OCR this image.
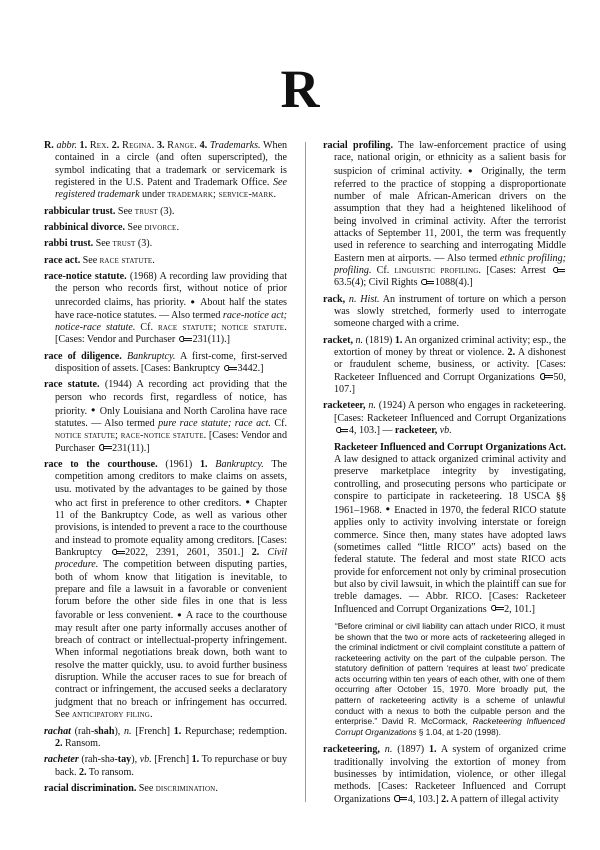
R

R. abbr. 1. Rex. 2. Regina. 3. Range. 4. Trademarks. When contained in a circle (and often superscripted), the symbol indicating that a trademark or servicemark is registered in the U.S. Patent and Trademark Office. See registered trademark under trademark; service-mark.

rabbicular trust. See trust (3).

rabbinical divorce. See divorce.

rabbi trust. See trust (3).

race act. See race statute.

race-notice statute. (1968) A recording law providing that the person who records first, without notice of prior unrecorded claims, has priority. ● About half the states have race-notice statutes. — Also termed race-notice act; notice-race statute. Cf. race statute; notice statute. [Cases: Vendor and Purchaser 231(11).]

race of diligence. Bankruptcy. A first-come, first-served disposition of assets. [Cases: Bankruptcy 3442.]

race statute. (1944) A recording act providing that the person who records first, regardless of notice, has priority. ● Only Louisiana and North Carolina have race statutes. — Also termed pure race statute; race act. Cf. notice statute; race-notice statute. [Cases: Vendor and Purchaser 231(11).]

race to the courthouse. (1961) 1. Bankruptcy. The competition among creditors to make claims on assets, usu. motivated by the advantages to be gained by those who act first in preference to other creditors. ● Chapter 11 of the Bankruptcy Code, as well as various other provisions, is intended to prevent a race to the courthouse and instead to promote equality among creditors. [Cases: Bankruptcy 2022, 2391, 2601, 3501.] 2. Civil procedure. The competition between disputing parties, both of whom know that litigation is inevitable, to prepare and file a lawsuit in a favorable or convenient forum before the other side files in one that is less favorable or less convenient. ● A race to the courthouse may result after one party informally accuses another of breach of contract or intellectual-property infringement. When informal negotiations break down, both want to resolve the matter quickly, usu. to avoid further business disruption. While the accuser races to sue for breach of contract or infringement, the accused seeks a declaratory judgment that no breach or infringement has occurred. See anticipatory filing.

rachat (rah-shah), n. [French] 1. Repurchase; redemption. 2. Ransom.

racheter (rah-shə-tay), vb. [French] 1. To repurchase or buy back. 2. To ransom.

racial discrimination. See discrimination.

racial profiling. The law-enforcement practice of using race, national origin, or ethnicity as a salient basis for suspicion of criminal activity. ● Originally, the term referred to the practice of stopping a disproportionate number of male African-American drivers on the assumption that they had a heightened likelihood of being involved in criminal activity. After the terrorist attacks of September 11, 2001, the term was frequently used in reference to searching and interrogating Middle Eastern men at airports. — Also termed ethnic profiling; profiling. Cf. linguistic profiling. [Cases: Arrest 63.5(4); Civil Rights 1088(4).]

rack, n. Hist. An instrument of torture on which a person was slowly stretched, formerly used to interrogate someone charged with a crime.

racket, n. (1819) 1. An organized criminal activity; esp., the extortion of money by threat or violence. 2. A dishonest or fraudulent scheme, business, or activity. [Cases: Racketeer Influenced and Corrupt Organizations 50, 107.]

racketeer, n. (1924) A person who engages in racketeering. [Cases: Racketeer Influenced and Corrupt Organizations 4, 103.] — racketeer, vb.

Racketeer Influenced and Corrupt Organizations Act. A law designed to attack organized criminal activity and preserve marketplace integrity by investigating, controlling, and prosecuting persons who participate or conspire to participate in racketeering. 18 USCA §§ 1961–1968. ● Enacted in 1970, the federal RICO statute applies only to activity involving interstate or foreign commerce. Since then, many states have adopted laws (sometimes called “little RICO” acts) based on the federal statute. The federal and most state RICO acts provide for enforcement not only by criminal prosecution but also by civil lawsuit, in which the plaintiff can sue for treble damages. — Abbr. RICO. [Cases: Racketeer Influenced and Corrupt Organizations 2, 101.]

“Before criminal or civil liability can attach under RICO, it must be shown that the two or more acts of racketeering alleged in the criminal indictment or civil complaint constitute a pattern of racketeering activity on the part of the culpable person. The statutory definition of pattern ‘requires at least two’ predicate acts occurring within ten years of each other, with one of them occurring after October 15, 1970. More broadly put, the pattern of racketeering activity is a scheme of unlawful conduct with a nexus to both the culpable person and the enterprise.” David R. McCormack, Racketeering Influenced Corrupt Organizations § 1.04, at 1-20 (1998).

racketeering, n. (1897) 1. A system of organized crime traditionally involving the extortion of money from businesses by intimidation, violence, or other illegal methods. [Cases: Racketeer Influenced and Corrupt Organizations 4, 103.] 2. A pattern of illegal activity
